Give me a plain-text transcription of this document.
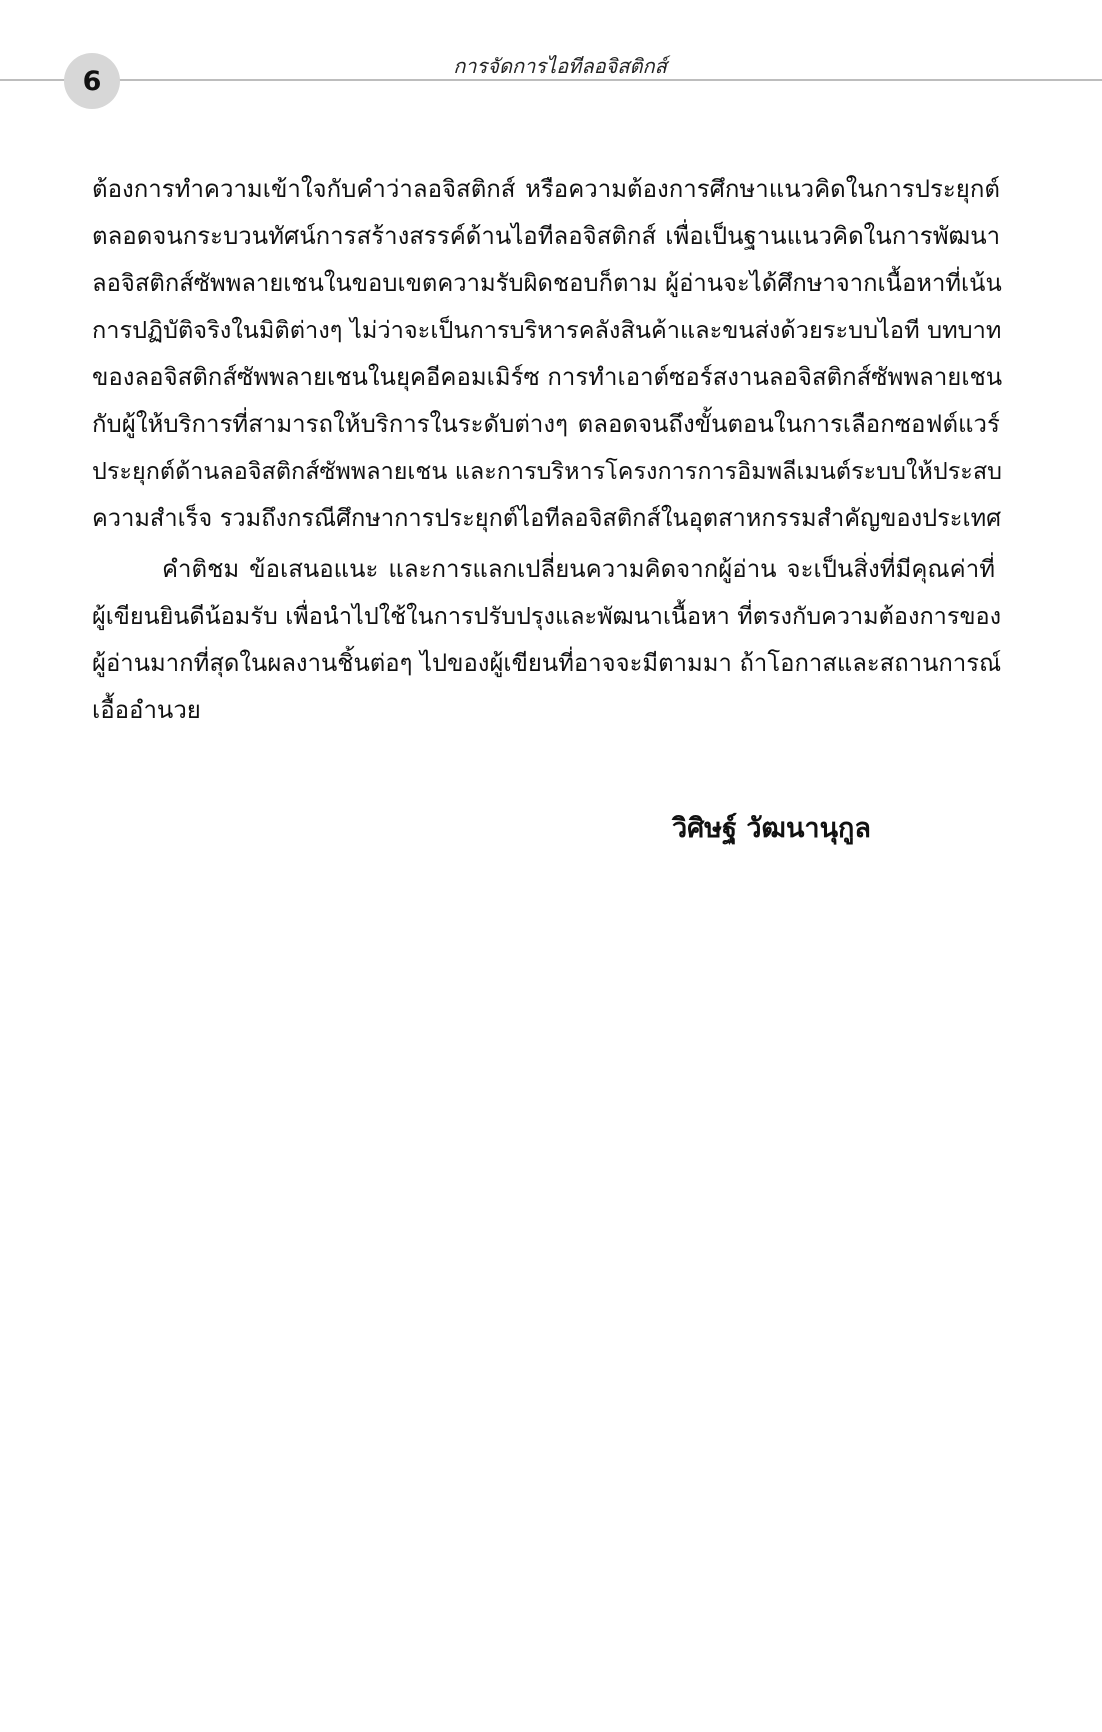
6	การจัดการไอทีลอจิสติกส์
ต้องการทำความเข้าใจกับคำว่าลอจิสติกส์ หรือความต้องการศึกษาแนวคิดในการประยุกต์
ตลอดจนกระบวนทัศน์การสร้างสรรค์ด้านไอทีลอจิสติกส์ เพื่อเป็นฐานแนวคิดในการพัฒนา
ลอจิสติกส์ซัพพลายเชนในขอบเขตความรับผิดชอบก็ตาม ผู้อ่านจะได้ศึกษาจากเนื้อหาที่เน้น
การปฏิบัติจริงในมิติต่างๆ ไม่ว่าจะเป็นการบริหารคลังสินค้าและขนส่งด้วยระบบไอที บทบาท
ของลอจิสติกส์ซัพพลายเชนในยุคอีคอมเมิร์ซ การทำเอาต์ซอร์สงานลอจิสติกส์ซัพพลายเชน
กับผู้ให้บริการที่สามารถให้บริการในระดับต่างๆ ตลอดจนถึงขั้นตอนในการเลือกซอฟต์แวร์
ประยุกต์ด้านลอจิสติกส์ซัพพลายเชน และการบริหารโครงการการอิมพลีเมนต์ระบบให้ประสบ
ความสำเร็จ รวมถึงกรณีศึกษาการประยุกต์ไอทีลอจิสติกส์ในอุตสาหกรรมสำคัญของประเทศ
คำติชม ข้อเสนอแนะ และการแลกเปลี่ยนความคิดจากผู้อ่าน จะเป็นสิ่งที่มีคุณค่าที่
ผู้เขียนยินดีน้อมรับ เพื่อนำไปใช้ในการปรับปรุงและพัฒนาเนื้อหา ที่ตรงกับความต้องการของ
ผู้อ่านมากที่สุดในผลงานชิ้นต่อๆ ไปของผู้เขียนที่อาจจะมีตามมา ถ้าโอกาสและสถานการณ์
เอื้ออำนวย
วิศิษฐ์ วัฒนานุกูล
